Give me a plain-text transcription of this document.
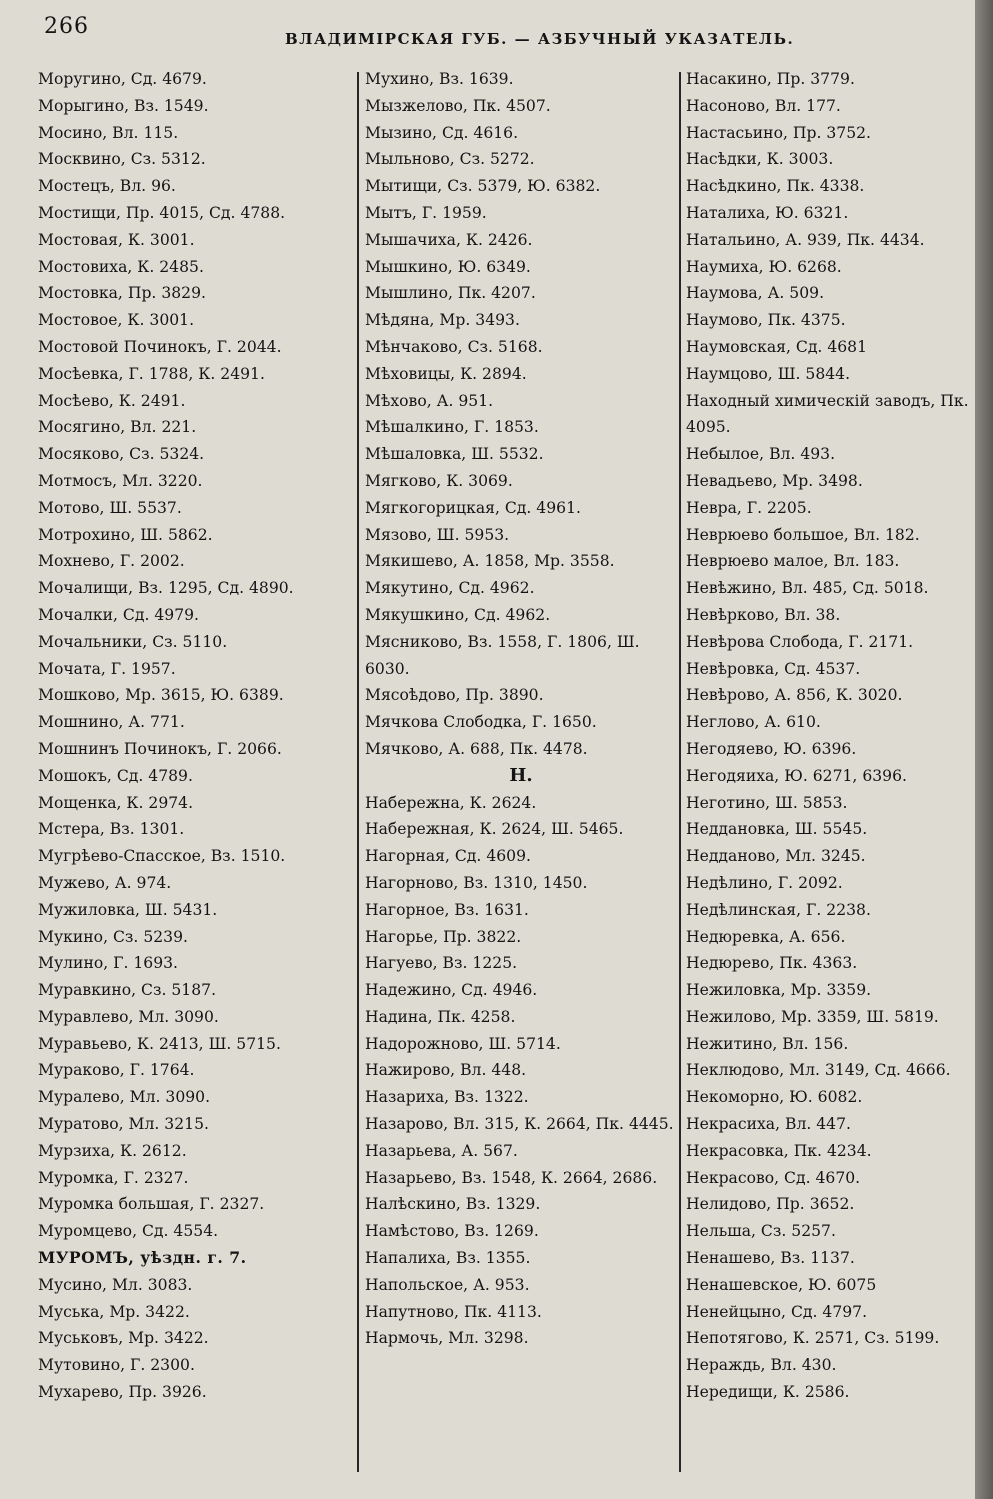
266	ВЛАДИМІРСКАЯ ГУБ. — АЗБУЧНЫЙ УКАЗАТЕЛЬ.
Моругино, Сд. 4679.
Морыгино, Вз. 1549.
Мосино, Вл. 115.
Москвино, Сз. 5312.
Мостецъ, Вл. 96.
Мостищи, Пр. 4015, Сд. 4788.
Мостовая, К. 3001.
Мостовиха, К. 2485.
Мостовка, Пр. 3829.
Мостовое, К. 3001.
Мостовой Починокъ, Г. 2044.
Мосѣевка, Г. 1788, К. 2491.
Мосѣево, К. 2491.
Мосягино, Вл. 221.
Мосяково, Сз. 5324.
Мотмосъ, Мл. 3220.
Мотово, Ш. 5537.
Мотрохино, Ш. 5862.
Мохнево, Г. 2002.
Мочалищи, Вз. 1295, Сд. 4890.
Мочалки, Сд. 4979.
Мочальники, Сз. 5110.
Мочата, Г. 1957.
Мошково, Мр. 3615, Ю. 6389.
Мошнино, А. 771.
Мошнинъ Починокъ, Г. 2066.
Мошокъ, Сд. 4789.
Мощенка, К. 2974.
Мстера, Вз. 1301.
Мугрѣево-Спасское, Вз. 1510.
Мужево, А. 974.
Мужиловка, Ш. 5431.
Мукино, Сз. 5239.
Мулино, Г. 1693.
Муравкино, Сз. 5187.
Муравлево, Мл. 3090.
Муравьево, К. 2413, Ш. 5715.
Мураково, Г. 1764.
Муралево, Мл. 3090.
Муратово, Мл. 3215.
Мурзиха, К. 2612.
Муромка, Г. 2327.
Муромка большая, Г. 2327.
Муромцево, Сд. 4554.
МУРОМЪ, уѣздн. г. 7.
Мусино, Мл. 3083.
Муська, Мр. 3422.
Муськовъ, Мр. 3422.
Мутовино, Г. 2300.
Мухарево, Пр. 3926.
Мухино, Вз. 1639.
Мызжелово, Пк. 4507.
Мызино, Сд. 4616.
Мыльново, Сз. 5272.
Мытищи, Сз. 5379, Ю. 6382.
Мытъ, Г. 1959.
Мышачиха, К. 2426.
Мышкино, Ю. 6349.
Мышлино, Пк. 4207.
Мѣдяна, Мр. 3493.
Мѣнчаково, Сз. 5168.
Мѣховицы, К. 2894.
Мѣхово, А. 951.
Мѣшалкино, Г. 1853.
Мѣшаловка, Ш. 5532.
Мягково, К. 3069.
Мягкогорицкая, Сд. 4961.
Мязово, Ш. 5953.
Мякишево, А. 1858, Мр. 3558.
Мякутино, Сд. 4962.
Мякушкино, Сд. 4962.
Мясниково, Вз. 1558, Г. 1806, Ш. 6030.
Мясоѣдово, Пр. 3890.
Мячкова Слободка, Г. 1650.
Мячково, А. 688, Пк. 4478.
Н.
Набережна, К. 2624.
Набережная, К. 2624, Ш. 5465.
Нагорная, Сд. 4609.
Нагорново, Вз. 1310, 1450.
Нагорное, Вз. 1631.
Нагорье, Пр. 3822.
Нагуево, Вз. 1225.
Надежино, Сд. 4946.
Надина, Пк. 4258.
Надорожново, Ш. 5714.
Нажирово, Вл. 448.
Назариха, Вз. 1322.
Назарово, Вл. 315, К. 2664, Пк. 4445.
Назарьева, А. 567.
Назарьево, Вз. 1548, К. 2664, 2686.
Налѣскино, Вз. 1329.
Намѣстово, Вз. 1269.
Напалиха, Вз. 1355.
Напольское, А. 953.
Напутново, Пк. 4113.
Нармочь, Мл. 3298.
Насакино, Пр. 3779.
Насоново, Вл. 177.
Настасьино, Пр. 3752.
Насѣдки, К. 3003.
Насѣдкино, Пк. 4338.
Наталиха, Ю. 6321.
Натальино, А. 939, Пк. 4434.
Наумиха, Ю. 6268.
Наумова, А. 509.
Наумово, Пк. 4375.
Наумовская, Сд. 4681
Наумцово, Ш. 5844.
Находный химическій заводъ, Пк. 4095.
Небылое, Вл. 493.
Невадьево, Мр. 3498.
Невра, Г. 2205.
Неврюево большое, Вл. 182.
Неврюево малое, Вл. 183.
Невѣжино, Вл. 485, Сд. 5018.
Невѣрково, Вл. 38.
Невѣрова Слобода, Г. 2171.
Невѣровка, Сд. 4537.
Невѣрово, А. 856, К. 3020.
Неглово, А. 610.
Негодяево, Ю. 6396.
Негодяиха, Ю. 6271, 6396.
Неготино, Ш. 5853.
Неддановка, Ш. 5545.
Недданово, Мл. 3245.
Недѣлино, Г. 2092.
Недѣлинская, Г. 2238.
Недюревка, А. 656.
Недюрево, Пк. 4363.
Нежиловка, Мр. 3359.
Нежилово, Мр. 3359, Ш. 5819.
Нежитино, Вл. 156.
Неклюдово, Мл. 3149, Сд. 4666.
Некоморно, Ю. 6082.
Некрасиха, Вл. 447.
Некрасовка, Пк. 4234.
Некрасово, Сд. 4670.
Нелидово, Пр. 3652.
Нельша, Сз. 5257.
Ненашево, Вз. 1137.
Ненашевское, Ю. 6075
Ненейцыно, Сд. 4797.
Непотягово, К. 2571, Сз. 5199.
Нераждь, Вл. 430.
Нередищи, К. 2586.
